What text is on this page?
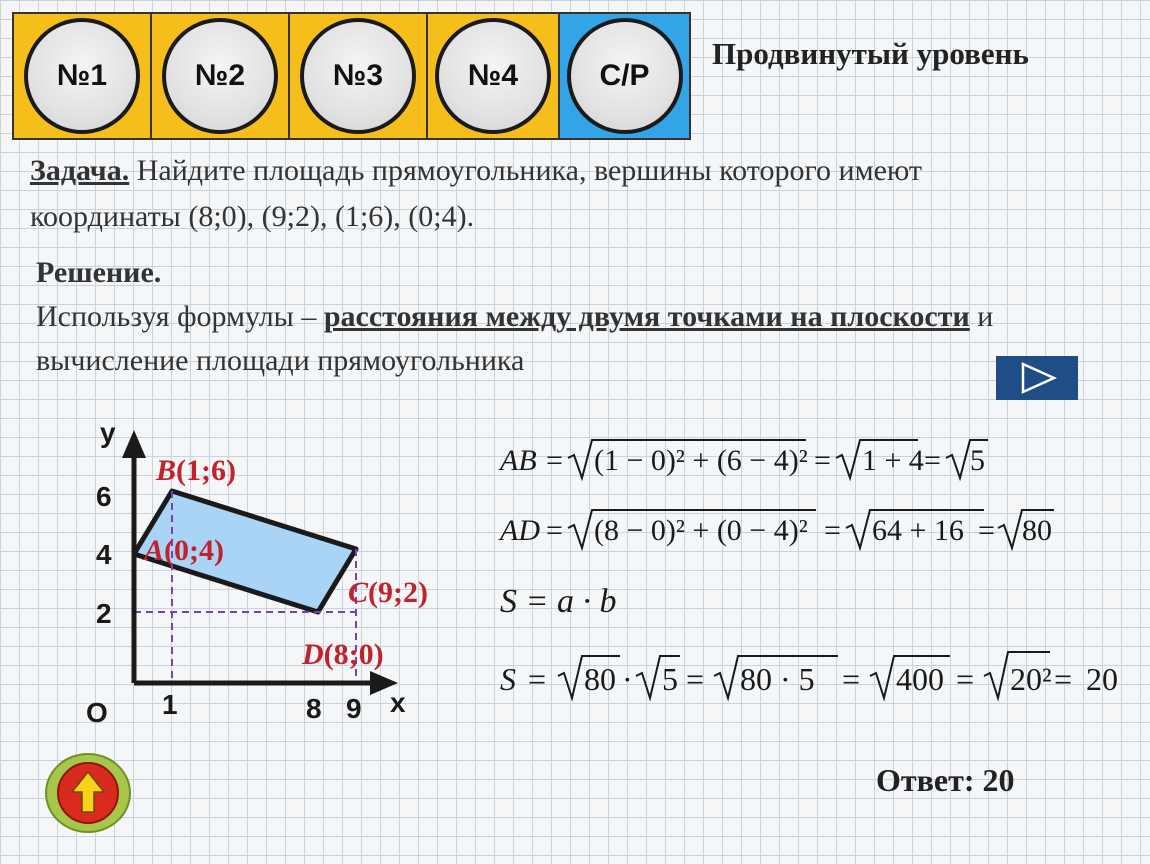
№1	№2	№3	№4	С/Р
Продвинутый уровень
Задача. Найдите площадь прямоугольника, вершины которого имеют координаты (8;0), (9;2), (1;6), (0;4).
Решение.
Используя формулы – расстояния между двумя точками на плоскости и вычисление площади прямоугольника
у
х
О
6
4
2
1	8 9
B(1;6)
A(0;4)
C(9;2)
D(8;0)
AB = (1 − 0)² + (6 − 4)² = 1 + 4 = 5
AD = (8 − 0)² + (0 − 4)² = 64 + 16 = 80
S = a · b
S = 80 · 5 = 80 · 5 = 400 = 20² = 20
Ответ: 20
